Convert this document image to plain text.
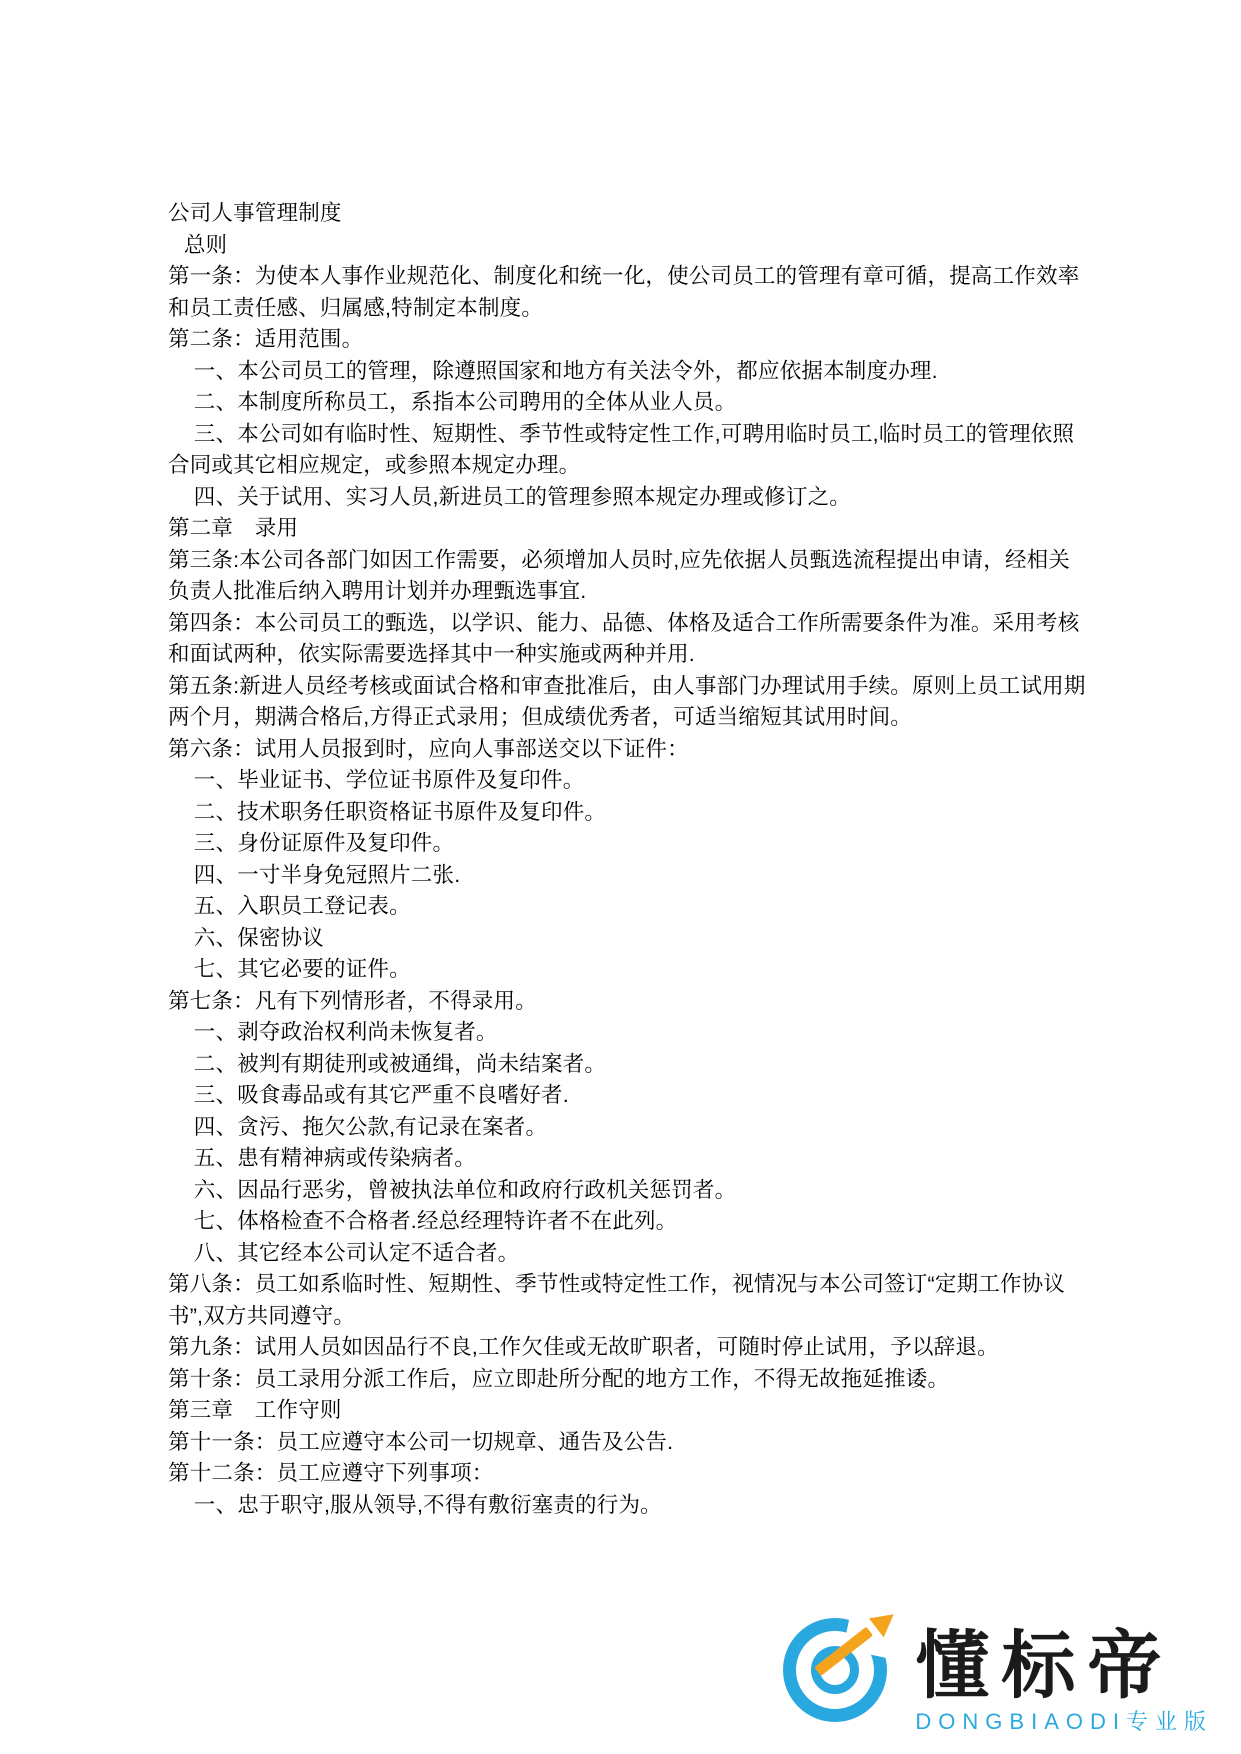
公司人事管理制度

总则

第一条：为使本人事作业规范化、制度化和统一化，使公司员工的管理有章可循，提高工作效率和员工责任感、归属感,特制定本制度。

第二条：适用范围。

一、本公司员工的管理，除遵照国家和地方有关法令外，都应依据本制度办理.

二、本制度所称员工，系指本公司聘用的全体从业人员。

三、本公司如有临时性、短期性、季节性或特定性工作,可聘用临时员工,临时员工的管理依照合同或其它相应规定，或参照本规定办理。

四、关于试用、实习人员,新进员工的管理参照本规定办理或修订之。

第二章　录用

第三条:本公司各部门如因工作需要，必须增加人员时,应先依据人员甄选流程提出申请，经相关负责人批准后纳入聘用计划并办理甄选事宜.

第四条：本公司员工的甄选，以学识、能力、品德、体格及适合工作所需要条件为准。采用考核和面试两种，依实际需要选择其中一种实施或两种并用.

第五条:新进人员经考核或面试合格和审查批准后，由人事部门办理试用手续。原则上员工试用期两个月，期满合格后,方得正式录用；但成绩优秀者，可适当缩短其试用时间。

第六条：试用人员报到时，应向人事部送交以下证件：

一、毕业证书、学位证书原件及复印件。

二、技术职务任职资格证书原件及复印件。

三、身份证原件及复印件。

四、一寸半身免冠照片二张.

五、入职员工登记表。

六、保密协议

七、其它必要的证件。

第七条：凡有下列情形者，不得录用。

一、剥夺政治权利尚未恢复者。

二、被判有期徒刑或被通缉，尚未结案者。

三、吸食毒品或有其它严重不良嗜好者.

四、贪污、拖欠公款,有记录在案者。

五、患有精神病或传染病者。

六、因品行恶劣，曾被执法单位和政府行政机关惩罚者。

七、体格检查不合格者.经总经理特许者不在此列。

八、其它经本公司认定不适合者。

第八条：员工如系临时性、短期性、季节性或特定性工作，视情况与本公司签订“定期工作协议书”,双方共同遵守。

第九条：试用人员如因品行不良,工作欠佳或无故旷职者，可随时停止试用，予以辞退。

第十条：员工录用分派工作后，应立即赴所分配的地方工作，不得无故拖延推诿。

第三章　工作守则

第十一条：员工应遵守本公司一切规章、通告及公告.

第十二条：员工应遵守下列事项：

一、忠于职守,服从领导,不得有敷衍塞责的行为。

懂标帝
DONGBIAODI专业版
